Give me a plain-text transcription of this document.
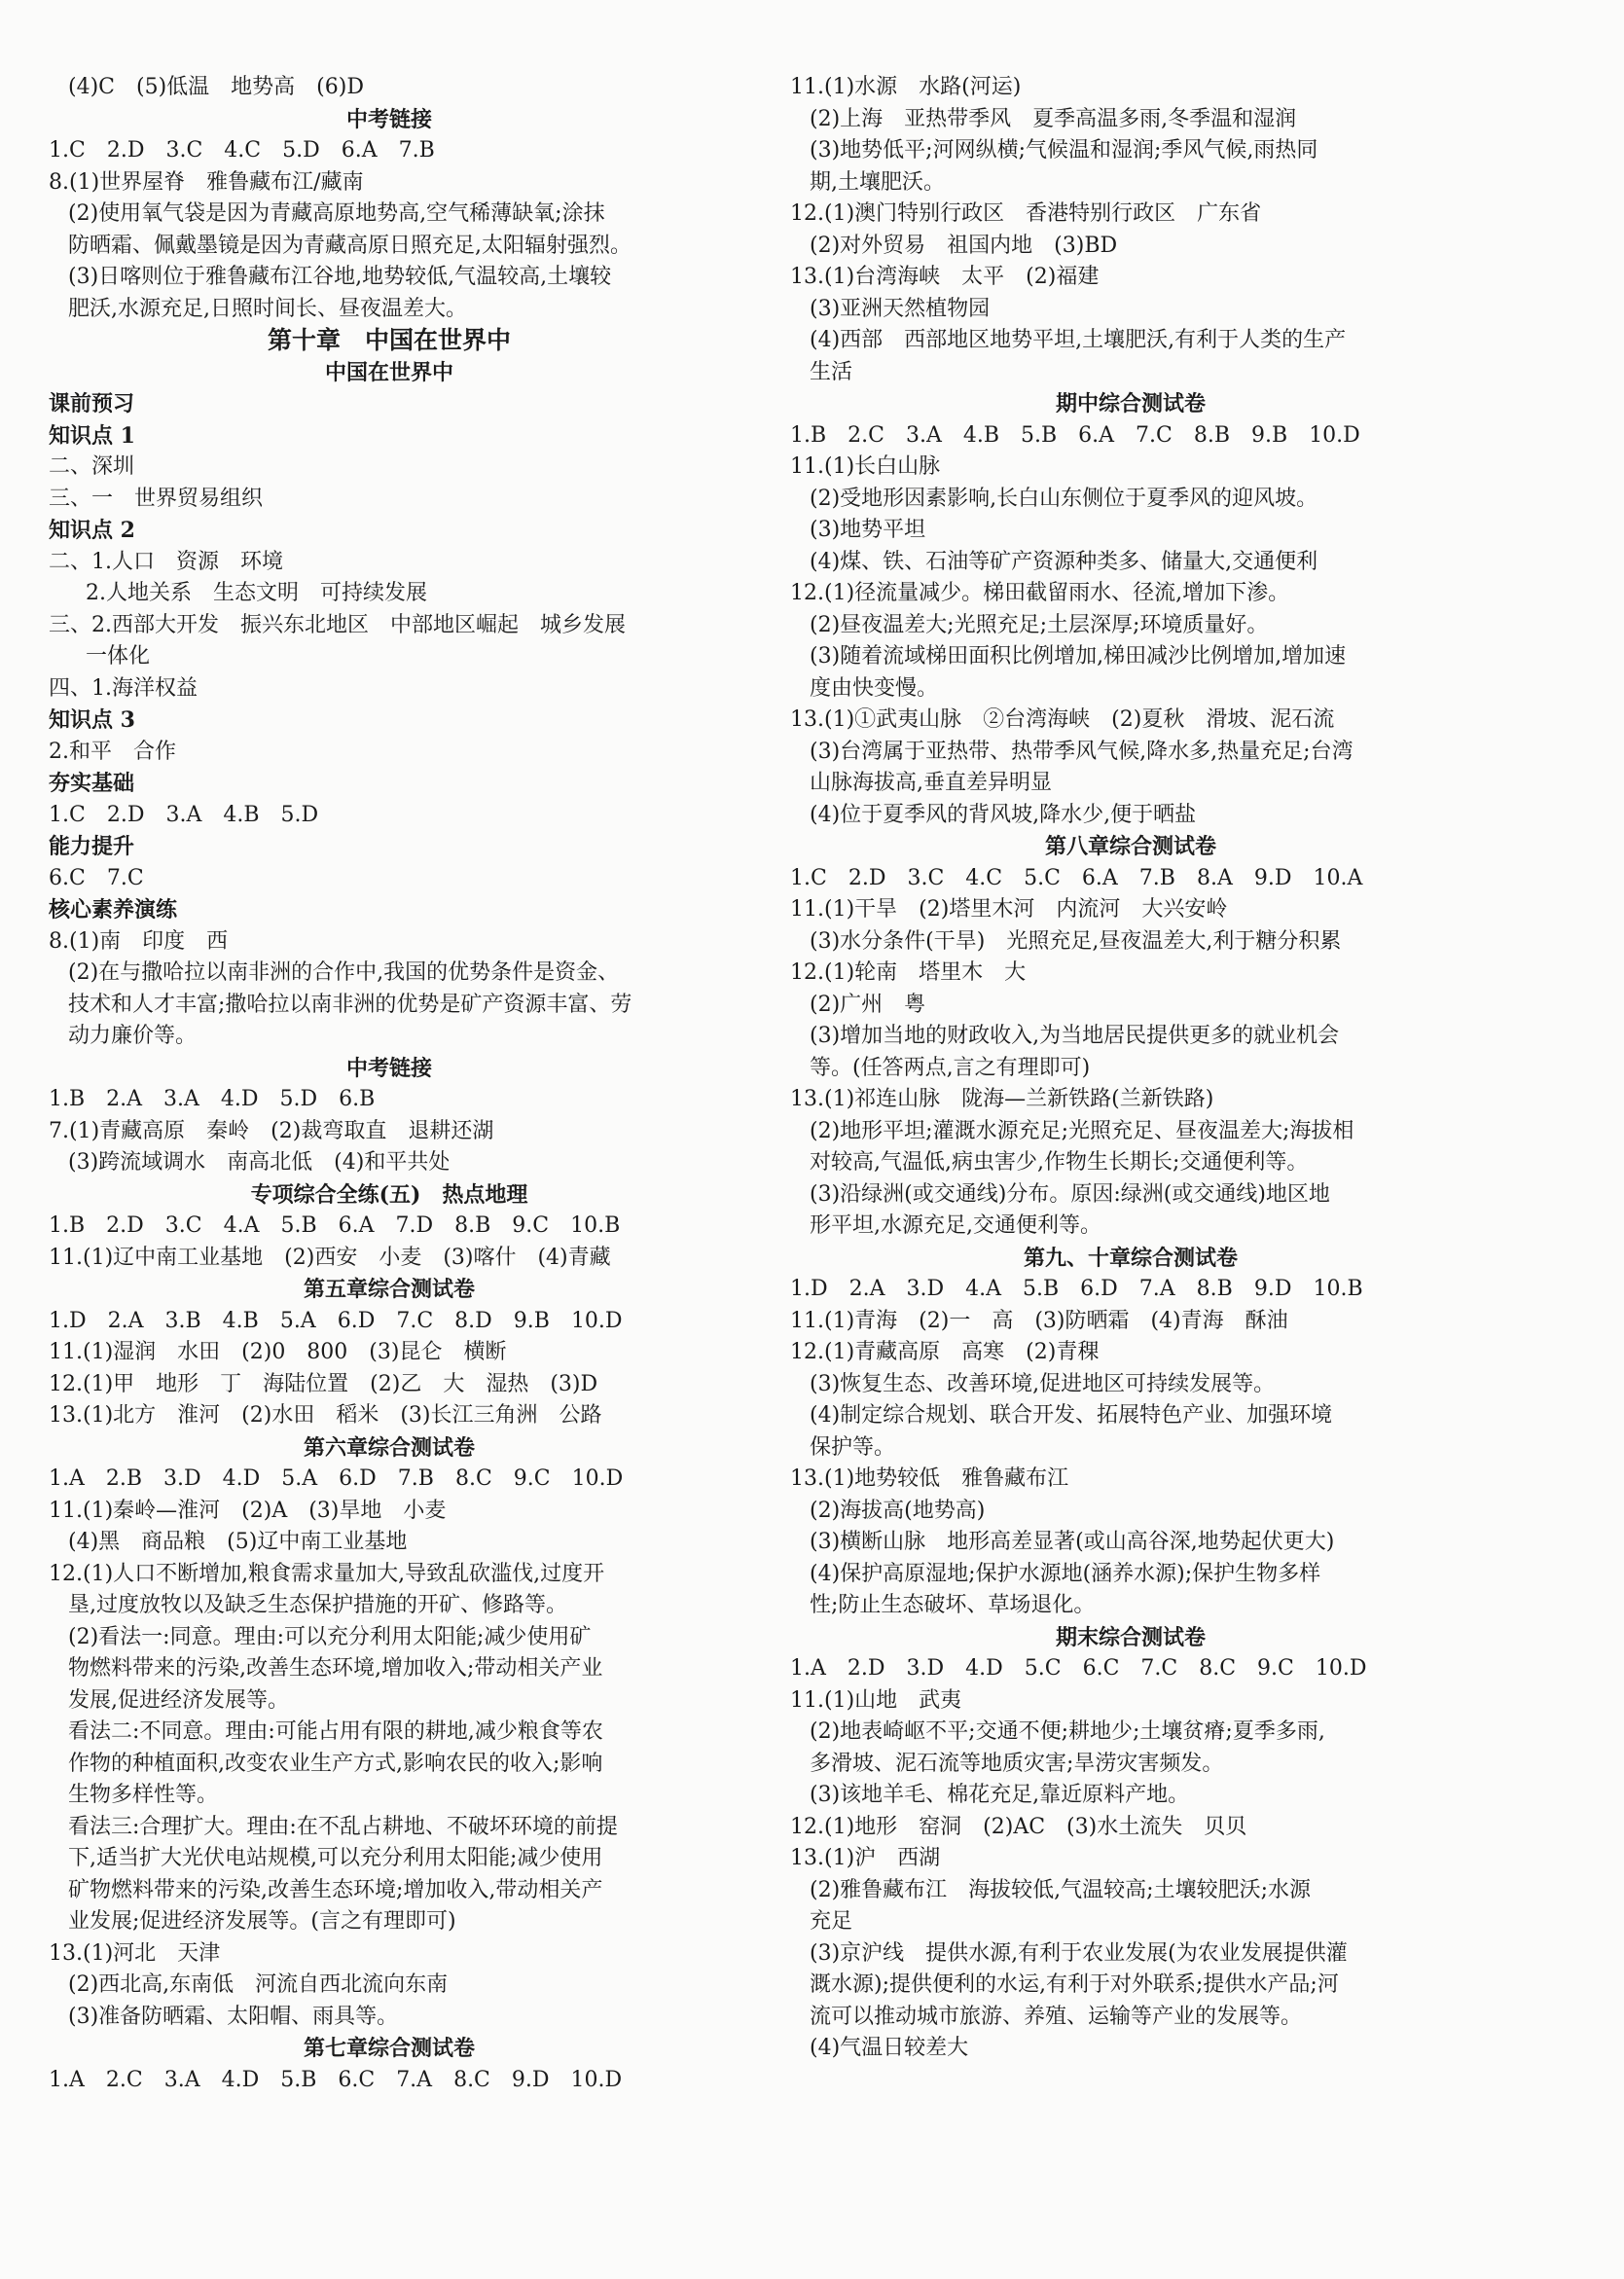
(4)C　(5)低温　地势高　(6)D
中考链接
1.C　2.D　3.C　4.C　5.D　6.A　7.B
8.(1)世界屋脊　雅鲁藏布江/藏南
(2)使用氧气袋是因为青藏高原地势高,空气稀薄缺氧;涂抹
防晒霜、佩戴墨镜是因为青藏高原日照充足,太阳辐射强烈。
(3)日喀则位于雅鲁藏布江谷地,地势较低,气温较高,土壤较
肥沃,水源充足,日照时间长、昼夜温差大。
第十章　中国在世界中
中国在世界中
课前预习
知识点 1
二、深圳
三、一　世界贸易组织
知识点 2
二、1.人口　资源　环境
2.人地关系　生态文明　可持续发展
三、2.西部大开发　振兴东北地区　中部地区崛起　城乡发展
一体化
四、1.海洋权益
知识点 3
2.和平　合作
夯实基础
1.C　2.D　3.A　4.B　5.D
能力提升
6.C　7.C
核心素养演练
8.(1)南　印度　西
(2)在与撒哈拉以南非洲的合作中,我国的优势条件是资金、
技术和人才丰富;撒哈拉以南非洲的优势是矿产资源丰富、劳
动力廉价等。
中考链接
1.B　2.A　3.A　4.D　5.D　6.B
7.(1)青藏高原　秦岭　(2)裁弯取直　退耕还湖
(3)跨流域调水　南高北低　(4)和平共处
专项综合全练(五)　热点地理
1.B　2.D　3.C　4.A　5.B　6.A　7.D　8.B　9.C　10.B
11.(1)辽中南工业基地　(2)西安　小麦　(3)喀什　(4)青藏
第五章综合测试卷
1.D　2.A　3.B　4.B　5.A　6.D　7.C　8.D　9.B　10.D
11.(1)湿润　水田　(2)0　800　(3)昆仑　横断
12.(1)甲　地形　丁　海陆位置　(2)乙　大　湿热　(3)D
13.(1)北方　淮河　(2)水田　稻米　(3)长江三角洲　公路
第六章综合测试卷
1.A　2.B　3.D　4.D　5.A　6.D　7.B　8.C　9.C　10.D
11.(1)秦岭—淮河　(2)A　(3)旱地　小麦
(4)黑　商品粮　(5)辽中南工业基地
12.(1)人口不断增加,粮食需求量加大,导致乱砍滥伐,过度开
垦,过度放牧以及缺乏生态保护措施的开矿、修路等。
(2)看法一:同意。理由:可以充分利用太阳能;减少使用矿
物燃料带来的污染,改善生态环境,增加收入;带动相关产业
发展,促进经济发展等。
看法二:不同意。理由:可能占用有限的耕地,减少粮食等农
作物的种植面积,改变农业生产方式,影响农民的收入;影响
生物多样性等。
看法三:合理扩大。理由:在不乱占耕地、不破坏环境的前提
下,适当扩大光伏电站规模,可以充分利用太阳能;减少使用
矿物燃料带来的污染,改善生态环境;增加收入,带动相关产
业发展;促进经济发展等。(言之有理即可)
13.(1)河北　天津
(2)西北高,东南低　河流自西北流向东南
(3)准备防晒霜、太阳帽、雨具等。
第七章综合测试卷
1.A　2.C　3.A　4.D　5.B　6.C　7.A　8.C　9.D　10.D
11.(1)水源　水路(河运)
(2)上海　亚热带季风　夏季高温多雨,冬季温和湿润
(3)地势低平;河网纵横;气候温和湿润;季风气候,雨热同
期,土壤肥沃。
12.(1)澳门特别行政区　香港特别行政区　广东省
(2)对外贸易　祖国内地　(3)BD
13.(1)台湾海峡　太平　(2)福建
(3)亚洲天然植物园
(4)西部　西部地区地势平坦,土壤肥沃,有利于人类的生产
生活
期中综合测试卷
1.B　2.C　3.A　4.B　5.B　6.A　7.C　8.B　9.B　10.D
11.(1)长白山脉
(2)受地形因素影响,长白山东侧位于夏季风的迎风坡。
(3)地势平坦
(4)煤、铁、石油等矿产资源种类多、储量大,交通便利
12.(1)径流量减少。梯田截留雨水、径流,增加下渗。
(2)昼夜温差大;光照充足;土层深厚;环境质量好。
(3)随着流域梯田面积比例增加,梯田减沙比例增加,增加速
度由快变慢。
13.(1)①武夷山脉　②台湾海峡　(2)夏秋　滑坡、泥石流
(3)台湾属于亚热带、热带季风气候,降水多,热量充足;台湾
山脉海拔高,垂直差异明显
(4)位于夏季风的背风坡,降水少,便于晒盐
第八章综合测试卷
1.C　2.D　3.C　4.C　5.C　6.A　7.B　8.A　9.D　10.A
11.(1)干旱　(2)塔里木河　内流河　大兴安岭
(3)水分条件(干旱)　光照充足,昼夜温差大,利于糖分积累
12.(1)轮南　塔里木　大
(2)广州　粤
(3)增加当地的财政收入,为当地居民提供更多的就业机会
等。(任答两点,言之有理即可)
13.(1)祁连山脉　陇海—兰新铁路(兰新铁路)
(2)地形平坦;灌溉水源充足;光照充足、昼夜温差大;海拔相
对较高,气温低,病虫害少,作物生长期长;交通便利等。
(3)沿绿洲(或交通线)分布。原因:绿洲(或交通线)地区地
形平坦,水源充足,交通便利等。
第九、十章综合测试卷
1.D　2.A　3.D　4.A　5.B　6.D　7.A　8.B　9.D　10.B
11.(1)青海　(2)一　高　(3)防晒霜　(4)青海　酥油
12.(1)青藏高原　高寒　(2)青稞
(3)恢复生态、改善环境,促进地区可持续发展等。
(4)制定综合规划、联合开发、拓展特色产业、加强环境
保护等。
13.(1)地势较低　雅鲁藏布江
(2)海拔高(地势高)
(3)横断山脉　地形高差显著(或山高谷深,地势起伏更大)
(4)保护高原湿地;保护水源地(涵养水源);保护生物多样
性;防止生态破坏、草场退化。
期末综合测试卷
1.A　2.D　3.D　4.D　5.C　6.C　7.C　8.C　9.C　10.D
11.(1)山地　武夷
(2)地表崎岖不平;交通不便;耕地少;土壤贫瘠;夏季多雨,
多滑坡、泥石流等地质灾害;旱涝灾害频发。
(3)该地羊毛、棉花充足,靠近原料产地。
12.(1)地形　窑洞　(2)AC　(3)水土流失　贝贝
13.(1)沪　西湖
(2)雅鲁藏布江　海拔较低,气温较高;土壤较肥沃;水源
充足
(3)京沪线　提供水源,有利于农业发展(为农业发展提供灌
溉水源);提供便利的水运,有利于对外联系;提供水产品;河
流可以推动城市旅游、养殖、运输等产业的发展等。
(4)气温日较差大
